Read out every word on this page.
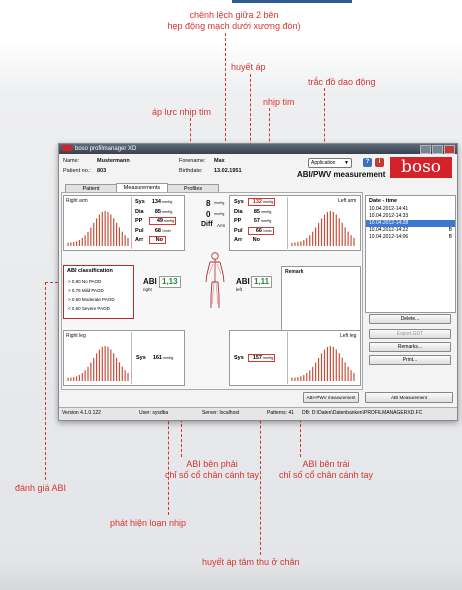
chênh lệch giữa 2 bên
hẹp động mạch dưới xương đòn)
huyết áp
trắc đồ dao động
nhịp tim
áp lực nhịp tim
đánh giá ABI
ABI bên phải
chỉ số cổ chân cánh tay
ABI bên trái
chỉ số cổ chân cánh tay
phát hiện loạn nhịp
huyết áp tâm thu ở chân
boso profilmanager XD
Name:	Mustermann
Patient no.: 803
Forename: Max
Birthdate: 13.02.1951
Application ▼	?	i	boso
ABI/PWV measurement
Patient	Measurements	Profiles
Right arm	Sys 134mmHg
Dia 85mmHg
PP	49mmHg
Pul 681/min
Arr No
8 mmHg
0 mmHg
Diff Arm
Left arm
Sys 132mmHg
Dia 85mmHg
PP 57mmHg
Pul 661/min
Arr No
ABI classification
> 0,90 No PAOD
> 0,75 Mild PAOD
> 0,50 Moderate PAOD
< 0,50 Severe PAOD
ABI 1,13
right
ABI 1,11
left
Remark
Right leg
Sys 161mmHg
Left leg
Sys 157mmHg
Date - time
10.04.2012-14:41
10.04.2012-14:33
10.04.2012-14:28
10.04.2012-14:22	B
10.04.2012-14:06	B
Delete...
Export GDT
Remarks...
Print...
ABI+PWV measurement	ABI Measurement
Version 4.1.0.122	User: sysdba	Server: localhost	Patterns: 41 DB: D:\Daten\Datenbanken\PROFILMANAGERXD.FC
